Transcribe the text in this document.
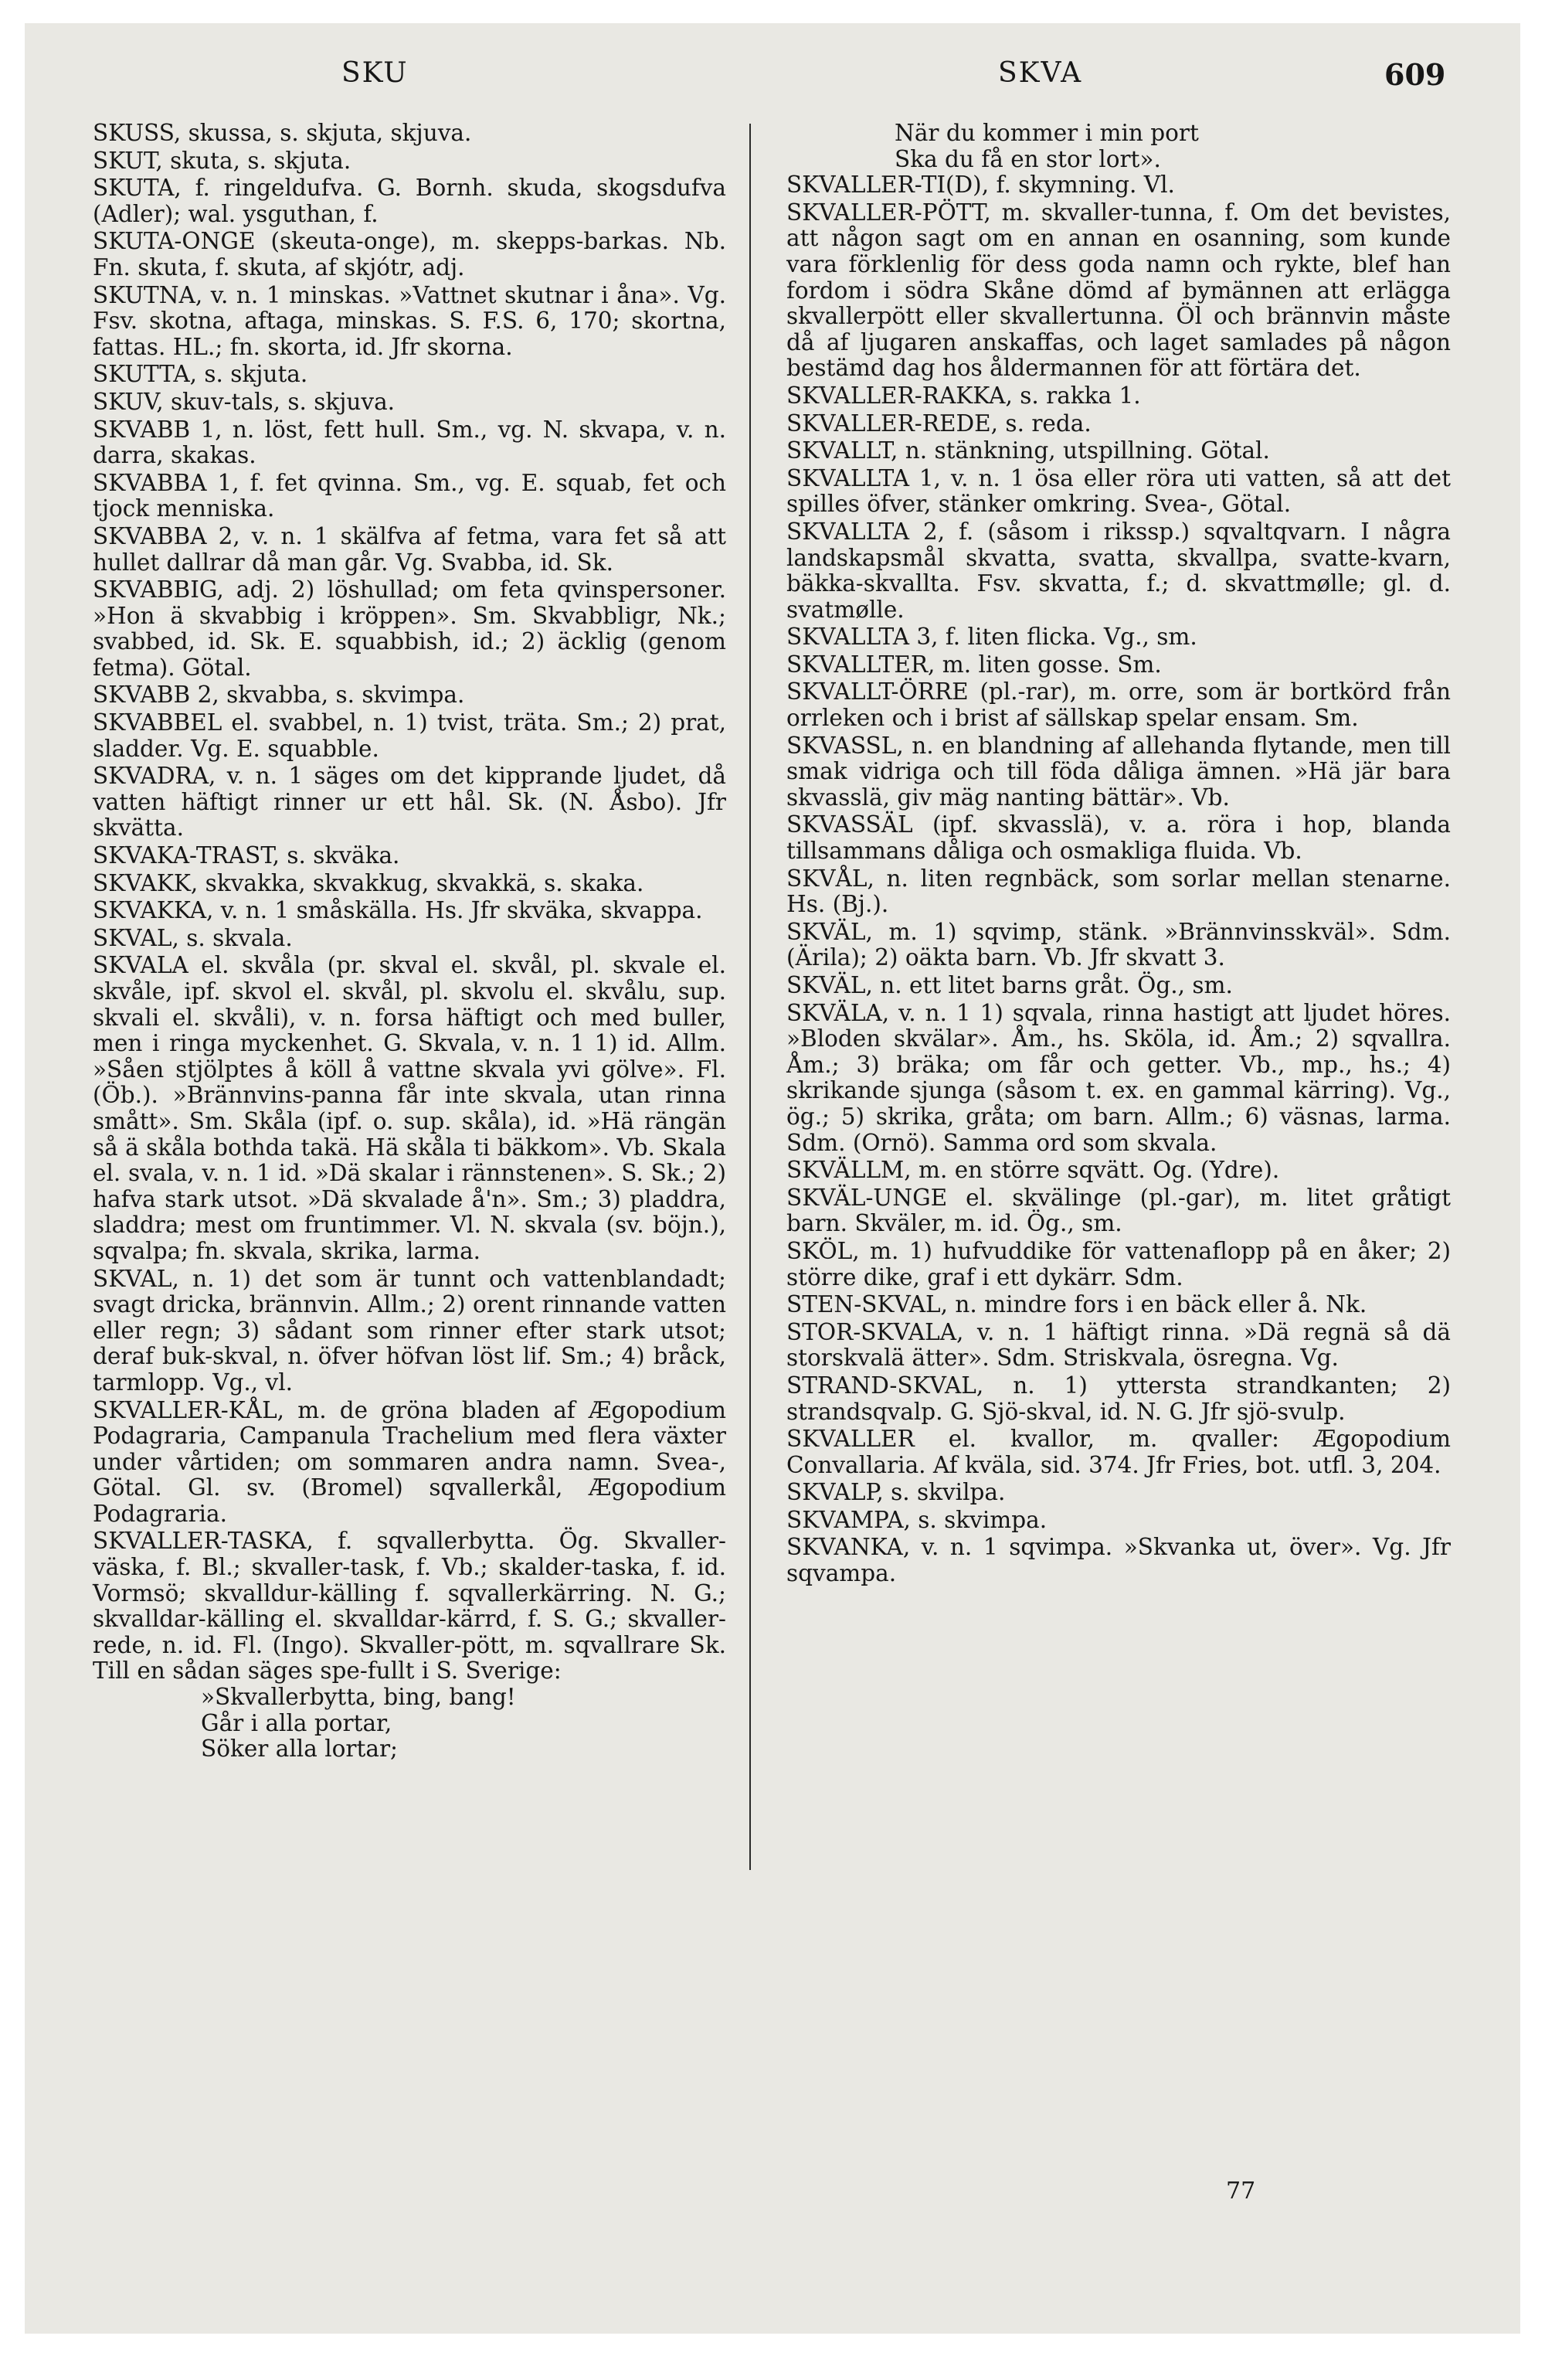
SKU	SKVA	609

SKUSS, skussa, s. skjuta, skjuva.

SKUT, skuta, s. skjuta.

SKUTA, f. ringeldufva. G. Bornh. skuda, skogsdufva (Adler); wal. ysguthan, f.

SKUTA-ONGE (skeuta-onge), m. skepps-barkas. Nb. Fn. skuta, f. skuta, af skjótr, adj.

SKUTNA, v. n. 1 minskas. »Vattnet skutnar i åna». Vg. Fsv. skotna, aftaga, minskas. S. F.S. 6, 170; skortna, fattas. HL.; fn. skorta, id. Jfr skorna.

SKUTTA, s. skjuta.

SKUV, skuv-tals, s. skjuva.

SKVABB 1, n. löst, fett hull. Sm., vg. N. skvapa, v. n. darra, skakas.

SKVABBA 1, f. fet qvinna. Sm., vg. E. squab, fet och tjock menniska.

SKVABBA 2, v. n. 1 skälfva af fetma, vara fet så att hullet dallrar då man går. Vg. Svabba, id. Sk.

SKVABBIG, adj. 2) löshullad; om feta qvinspersoner. »Hon ä skvabbig i kröppen». Sm. Skvabbligr, Nk.; svabbed, id. Sk. E. squabbish, id.; 2) äcklig (genom fetma). Götal.

SKVABB 2, skvabba, s. skvimpa.

SKVABBEL el. svabbel, n. 1) tvist, träta. Sm.; 2) prat, sladder. Vg. E. squabble.

SKVADRA, v. n. 1 säges om det kipprande ljudet, då vatten häftigt rinner ur ett hål. Sk. (N. Åsbo). Jfr skvätta.

SKVAKA-TRAST, s. skväka.

SKVAKK, skvakka, skvakkug, skvakkä, s. skaka.

SKVAKKA, v. n. 1 småskälla. Hs. Jfr skväka, skvappa.

SKVAL, s. skvala.

SKVALA el. skvåla (pr. skval el. skvål, pl. skvale el. skvåle, ipf. skvol el. skvål, pl. skvolu el. skvålu, sup. skvali el. skvåli), v. n. forsa häftigt och med buller, men i ringa myckenhet. G. Skvala, v. n. 1 1) id. Allm. »Såen stjölptes å köll å vattne skvala yvi gölve». Fl. (Öb.). »Brännvins-panna får inte skvala, utan rinna smått». Sm. Skåla (ipf. o. sup. skåla), id. »Hä rängän så ä skåla bothda takä. Hä skåla ti bäkkom». Vb. Skala el. svala, v. n. 1 id. »Dä skalar i rännstenen». S. Sk.; 2) hafva stark utsot. »Dä skvalade å'n». Sm.; 3) pladdra, sladdra; mest om fruntimmer. Vl. N. skvala (sv. böjn.), sqvalpa; fn. skvala, skrika, larma.

SKVAL, n. 1) det som är tunnt och vattenblandadt; svagt dricka, brännvin. Allm.; 2) orent rinnande vatten eller regn; 3) sådant som rinner efter stark utsot; deraf buk-skval, n. öfver höfvan löst lif. Sm.; 4) bråck, tarmlopp. Vg., vl.

SKVALLER-KÅL, m. de gröna bladen af Ægopodium Podagraria, Campanula Trachelium med flera växter under vårtiden; om sommaren andra namn. Svea-, Götal. Gl. sv. (Bromel) sqvallerkål, Ægopodium Podagraria.

SKVALLER-TASKA, f. sqvallerbytta. Ög. Skvaller-väska, f. Bl.; skvaller-task, f. Vb.; skalder-taska, f. id. Vormsö; skvalldur-källing f. sqvallerkärring. N. G.; skvalldar-källing el. skvalldar-kärrd, f. S. G.; skvaller-rede, n. id. Fl. (Ingo). Skvaller-pött, m. sqvallrare Sk. Till en sådan säges spe-fullt i S. Sverige:

»Skvallerbytta, bing, bang!

Går i alla portar,

Söker alla lortar;

När du kommer i min port

Ska du få en stor lort».

SKVALLER-TI(D), f. skymning. Vl.

SKVALLER-PÖTT, m. skvaller-tunna, f. Om det bevistes, att någon sagt om en annan en osanning, som kunde vara förklenlig för dess goda namn och rykte, blef han fordom i södra Skåne dömd af bymännen att erlägga skvallerpött eller skvallertunna. Öl och brännvin måste då af ljugaren anskaffas, och laget samlades på någon bestämd dag hos åldermannen för att förtära det.

SKVALLER-RAKKA, s. rakka 1.

SKVALLER-REDE, s. reda.

SKVALLT, n. stänkning, utspillning. Götal.

SKVALLTA 1, v. n. 1 ösa eller röra uti vatten, så att det spilles öfver, stänker omkring. Svea-, Götal.

SKVALLTA 2, f. (såsom i rikssp.) sqvaltqvarn. I några landskapsmål skvatta, svatta, skvallpa, svatte-kvarn, bäkka-skvallta. Fsv. skvatta, f.; d. skvattmølle; gl. d. svatmølle.

SKVALLTA 3, f. liten flicka. Vg., sm.

SKVALLTER, m. liten gosse. Sm.

SKVALLT-ÖRRE (pl.-rar), m. orre, som är bortkörd från orrleken och i brist af sällskap spelar ensam. Sm.

SKVASSL, n. en blandning af allehanda flytande, men till smak vidriga och till föda dåliga ämnen. »Hä jär bara skvasslä, giv mäg nanting bättär». Vb.

SKVASSÄL (ipf. skvasslä), v. a. röra i hop, blanda tillsammans dåliga och osmakliga fluida. Vb.

SKVÅL, n. liten regnbäck, som sorlar mellan stenarne. Hs. (Bj.).

SKVÄL, m. 1) sqvimp, stänk. »Brännvinsskväl». Sdm. (Ärila); 2) oäkta barn. Vb. Jfr skvatt 3.

SKVÄL, n. ett litet barns gråt. Ög., sm.

SKVÄLA, v. n. 1 1) sqvala, rinna hastigt att ljudet höres. »Bloden skvälar». Åm., hs. Sköla, id. Åm.; 2) sqvallra. Åm.; 3) bräka; om får och getter. Vb., mp., hs.; 4) skrikande sjunga (såsom t. ex. en gammal kärring). Vg., ög.; 5) skrika, gråta; om barn. Allm.; 6) väsnas, larma. Sdm. (Ornö). Samma ord som skvala.

SKVÄLLM, m. en större sqvätt. Og. (Ydre).

SKVÄL-UNGE el. skvälinge (pl.-gar), m. litet gråtigt barn. Skväler, m. id. Ög., sm.

SKÖL, m. 1) hufvuddike för vattenaflopp på en åker; 2) större dike, graf i ett dykärr. Sdm.

STEN-SKVAL, n. mindre fors i en bäck eller å. Nk.

STOR-SKVALA, v. n. 1 häftigt rinna. »Dä regnä så dä storskvalä ätter». Sdm. Striskvala, ösregna. Vg.

STRAND-SKVAL, n. 1) yttersta strandkanten; 2) strandsqvalp. G. Sjö-skval, id. N. G. Jfr sjö-svulp.

SKVALLER el. kvallor, m. qvaller: Ægopodium Convallaria. Af kväla, sid. 374. Jfr Fries, bot. utfl. 3, 204.

SKVALP, s. skvilpa.

SKVAMPA, s. skvimpa.

SKVANKA, v. n. 1 sqvimpa. »Skvanka ut, över». Vg. Jfr sqvampa.

77
